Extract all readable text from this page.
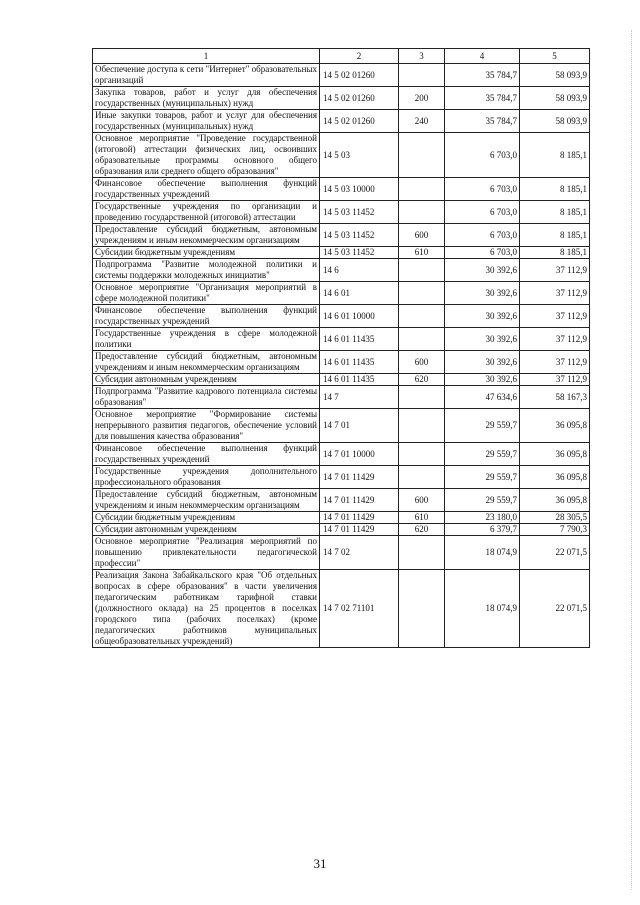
1	2	3	4	5
Обеспечение доступа к сети "Интернет" образовательных организаций	14 5 02 01260		35 784,7	58 093,9
Закупка товаров, работ и услуг для обеспечения государственных (муниципальных) нужд	14 5 02 01260	200	35 784,7	58 093,9
Иные закупки товаров, работ и услуг для обеспечения государственных (муниципальных) нужд	14 5 02 01260	240	35 784,7	58 093,9
Основное мероприятие "Проведение государственной (итоговой) аттестации физических лиц, освоивших образовательные программы основного общего образования или среднего общего образования"	14 5 03		6 703,0	8 185,1
Финансовое обеспечение выполнения функций государственных учреждений	14 5 03 10000		6 703,0	8 185,1
Государственные учреждения по организации и проведению государственной (итоговой) аттестации	14 5 03 11452		6 703,0	8 185,1
Предоставление субсидий бюджетным, автономным учреждениям и иным некоммерческим организациям	14 5 03 11452	600	6 703,0	8 185,1
Субсидии бюджетным учреждениям	14 5 03 11452	610	6 703,0	8 185,1
Подпрограмма "Развитие молодежной политики и системы поддержки молодежных инициатив"	14 6		30 392,6	37 112,9
Основное мероприятие "Организация мероприятий в сфере молодежной политики"	14 6 01		30 392,6	37 112,9
Финансовое обеспечение выполнения функций государственных учреждений	14 6 01 10000		30 392,6	37 112,9
Государственные учреждения в сфере молодежной политики	14 6 01 11435		30 392,6	37 112,9
Предоставление субсидий бюджетным, автономным учреждениям и иным некоммерческим организациям	14 6 01 11435	600	30 392,6	37 112,9
Субсидии автономным учреждениям	14 6 01 11435	620	30 392,6	37 112,9
Подпрограмма "Развитие кадрового потенциала системы образования"	14 7		47 634,6	58 167,3
Основное мероприятие "Формирование системы непрерывного развития педагогов, обеспечение условий для повышения качества образования"	14 7 01		29 559,7	36 095,8
Финансовое обеспечение выполнения функций государственных учреждений	14 7 01 10000		29 559,7	36 095,8
Государственные учреждения дополнительного профессионального образования	14 7 01 11429		29 559,7	36 095,8
Предоставление субсидий бюджетным, автономным учреждениям и иным некоммерческим организациям	14 7 01 11429	600	29 559,7	36 095,8
Субсидии бюджетным учреждениям	14 7 01 11429	610	23 180,0	28 305,5
Субсидии автономным учреждениям	14 7 01 11429	620	6 379,7	7 790,3
Основное мероприятие "Реализация мероприятий по повышению привлекательности педагогической профессии"	14 7 02		18 074,9	22 071,5
Реализация Закона Забайкальского края "Об отдельных вопросах в сфере образования" в части увеличения педагогическим работникам тарифной ставки (должностного оклада) на 25 процентов в поселках городского типа (рабочих поселках) (кроме педагогических работников муниципальных общеобразовательных учреждений)	14 7 02 71101		18 074,9	22 071,5
31
